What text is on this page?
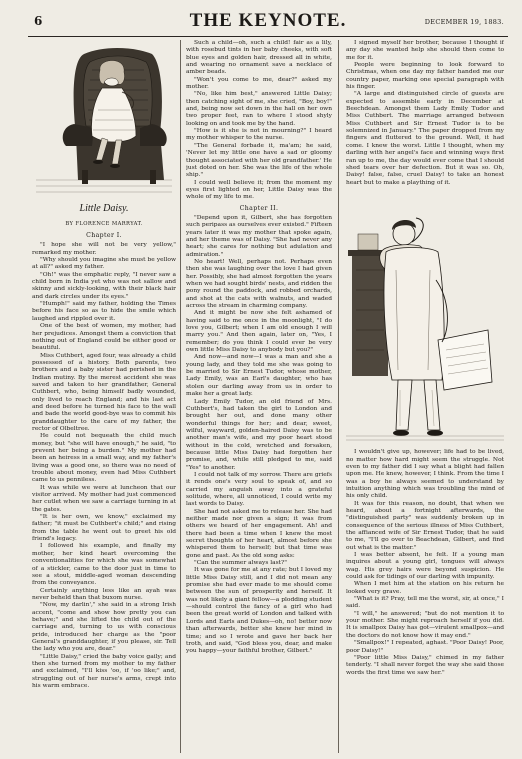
6	THE KEYNOTE.	DECEMBER 19, 1883.
Little Daisy.
BY FLORENCE MARRYAT.
Chapter I.

"I hope she will not be very yellow," remarked my mother.

"Why should you imagine she must be yellow at all?" asked my father.

"Oh!" was the emphatic reply, "I never saw a child born in India yet who was not sallow and skinny and sickly-looking, with their black hair and dark circles under its eyes."

"Humph!" said my father, holding the Times before his face so as to hide the smile which laughed and rippled over it.

One of the best of women, my mother, had her prejudices. Amongst them a conviction that nothing out of England could be either good or beautiful.

Miss Cuthbert, aged four, was already a child possessed of a history. Both parents, two brothers and a baby sister had perished in the Indian mutiny. By the merest accident she was saved and taken to her grandfather, General Cuthbert, who, being himself badly wounded, only lived to reach England; and his last act and deed before he turned his face to the wall and bade the world good-bye was to commit his granddaughter to the care of my father, the rector of Olbeltree.

He could not bequeath the child much money, but "she will have enough," he said, "to prevent her being a burden." My mother had been an heiress in a small way, and my father's living was a good one, so there was no need of trouble about money, even had Miss Cuthbert came to us penniless.

It was while we were at luncheon that our visitor arrived. My mother had just commenced her cutlet when we saw a carriage turning in at the gates.

"It is her own, we know," exclaimed my father; "it must be Cuthbert's child;" and rising from the table he went out to greet his old friend's legacy.

I followed his example, and finally my mother, her kind heart overcoming the conventionalities for which she was somewhat of a stickler, came to the door just in time to see a stout, middle-aged woman descending from the conveyance.

Certainly anything less like an ayah was never beheld than that buxom nurse.

"Now, my darlin'," she said in a strong Irish accent, "come and show how pretty you can behave;" and she lifted the child out of the carriage and, turning to us with conscious pride, introduced her charge as the "poor General's granddaughter, if you please, sir. Tell the lady who you are, dear."

"Little Daisy," cried the baby voice gaily; and then she turned from my mother to my father and exclaimed, "I'll kiss 'oo, if 'oo like;" and, struggling out of her nurse's arms, crept into his warm embrace.

Such a child—oh, such a child! fair as a lily, with rosebud tints in her baby cheeks, with soft blue eyes and golden hair, dressed all in white, and wearing no ornament save a necklace of amber beads.

"Won't you come to me, dear?" asked my mother.

"No, like him best," answered Little Daisy; then catching sight of me, she cried, "Boy, boy!" and, being now set down in the hall on her own two proper feet, ran to where I stood shyly looking on and took me by the hand.

"How is it she is not in mourning?" I heard my mother whisper to the nurse.

"The General forbade it, ma'am; he said, 'Never let my little one have a sad or gloomy thought associated with her old grandfather.' He just doted on her. She was the life of the whole ship."

I could well believe it; from the moment my eyes first lighted on her, Little Daisy was the whole of my life to me.

Chapter II.

"Depend upon it, Gilbert, she has forgotten such peripass as ourselves ever existed." Fifteen years later it was my mother that spoke again, and her theme was of Daisy. "She had never any heart; she cares for nothing but adulation and admiration."

No heart! Well, perhaps not. Perhaps even then she was laughing over the love I had given her. Possibly, she had almost forgotten the years when we had sought birds' nests, and ridden the pony round the paddock, and robbed orchards, and shot at the cats with walnuts, and waded across the stream in charming company.

And it might be now she felt ashamed of having said to me once in the moonlight, "I do love you, Gilbert; when I am old enough I will marry you." And then again, later on, "Yes, I remember; do you think I could ever be very own little Miss Daisy to anybody but you?"

And now—and now—I was a man and she a young lady, and they told me she was going to be married to Sir Ernest Tudor, whose mother, Lady Emily, was an Earl's daughter, who has stolen our darling away from us in order to make her a great lady.

Lady Emily Tudor, an old friend of Mrs. Cuthbert's, had taken the girl to London and brought her out, and done many other wonderful things for her; and dear, sweet, wilful, wayward, golden-haired Daisy was to be another man's wife, and my poor heart stood without in the cold, wretched and forsaken, because little Miss Daisy had forgotten her promise, and, while still pledged to me, said "Yes" to another.

I could not talk of my sorrow. There are griefs it rends one's very soul to speak of, and so carried my anguish away into a grateful solitude, where, all unnoticed, I could write my last words to Daisy.

She had not asked me to release her. She had neither made nor given a sign; it was from others we heard of her engagement. Ah! and there had been a time when I knew the most secret thoughts of her heart, almost before she whispered them to herself; but that time was gone and past. As the old song asks:

"Can the summer always last?"

It was gone for me at any rate; but I loved my little Miss Daisy still, and I did not mean any promise she had ever made to me should come between the sun of prosperity and herself. It was not likely a giant fellow—a plodding student—should control the fancy of a girl who had been the great world of London and talked with Lords and Earls and Dukes—oh, no! better now than afterwards, better she knew her mind in time; and so I wrote and gave her back her troth, and said, "God bless you, dear, and make you happy—your faithful brother, Gilbert."

I signed myself her brother, because I thought if any day she wanted help she should then come to me for it.

People were beginning to look forward to Christmas, when one day my father handed me our country paper, marking one special paragraph with his finger.

"A large and distinguished circle of guests are expected to assemble early in December at Beechdean. Amongst them Lady Emily Tudor and Miss Cuthbert. The marriage arranged between Miss Cuthbert and Sir Ernest Tudor is to be solemnized in January." The paper dropped from my fingers and fluttered to the ground. Well, it had come. I knew the worst. Little I thought, when my darling with her angel's face and winning ways first ran up to me, the day would ever come that I should shed tears over her defection. But it was so. Oh, Daisy! false, false, cruel Daisy! to take an honest heart but to make a plaything of it.

I wouldn't give up, however; life had to be lived, no matter how hard might seem the struggle. Not even to my father did I say what a blight had fallen upon me. He knew, however, I think. From the time I was a boy he always seemed to understand by intuition anything which was troubling the mind of his only child.

It was for this reason, no doubt, that when we heard, about a fortnight afterwards, the "distinguished party" was suddenly broken up in consequence of the serious illness of Miss Cuthbert, the affianced wife of Sir Ernest Tudor, that he said to me, "I'll go over to Beachdean, Gilbert, and find out what is the matter."

I was better absent, he felt. If a young man inquires about a young girl, tongues will always wag. His grey hairs were beyond suspicion. He could ask for tidings of our darling with impunity.

When I met him at the station on his return he looked very grave.

"What is it? Pray, tell me the worst, sir, at once," I said.

"I will," he answered; "but do not mention it to your mother. She might reproach herself if you did. It is smallpox Daisy has got—virulent smallpox—and the doctors do not know how it may end."

"Smallpox!" I repeated, aghast. "Poor Daisy! Poor, poor Daisy!"

"Poor little Miss Daisy," chimed in my father tenderly. "I shall never forget the way she said those words the first time we saw her."
